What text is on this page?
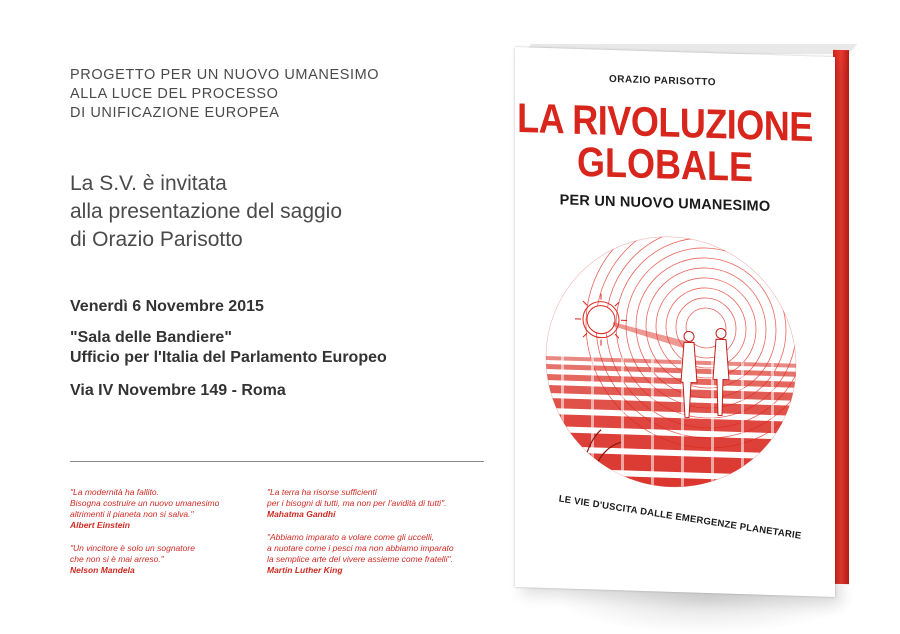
PROGETTO PER UN NUOVO UMANESIMO
ALLA LUCE DEL PROCESSO
DI UNIFICAZIONE EUROPEA
La S.V. è invitata
alla presentazione del saggio
di Orazio Parisotto
Venerdì 6 Novembre 2015
"Sala delle Bandiere"
Ufficio per l'Italia del Parlamento Europeo
Via IV Novembre 149 - Roma
"La modernità ha fallito.
Bisogna costruire un nuovo umanesimo
altrimenti il pianeta non si salva."
Albert Einstein
"Un vincitore è solo un sognatore
che non si è mai arreso."
Nelson Mandela
"La terra ha risorse sufficienti
per i bisogni di tutti, ma non per l'avidità di tutti".
Mahatma Gandhi
"Abbiamo imparato a volare come gli uccelli,
a nuotare come i pesci ma non abbiamo imparato
la semplice arte del vivere assieme come fratelli".
Martin Luther King
ORAZIO PARISOTTO
LA RIVOLUZIONE
GLOBALE
PER UN NUOVO UMANESIMO
LE VIE D'USCITA DALLE EMERGENZE PLANETARIE
